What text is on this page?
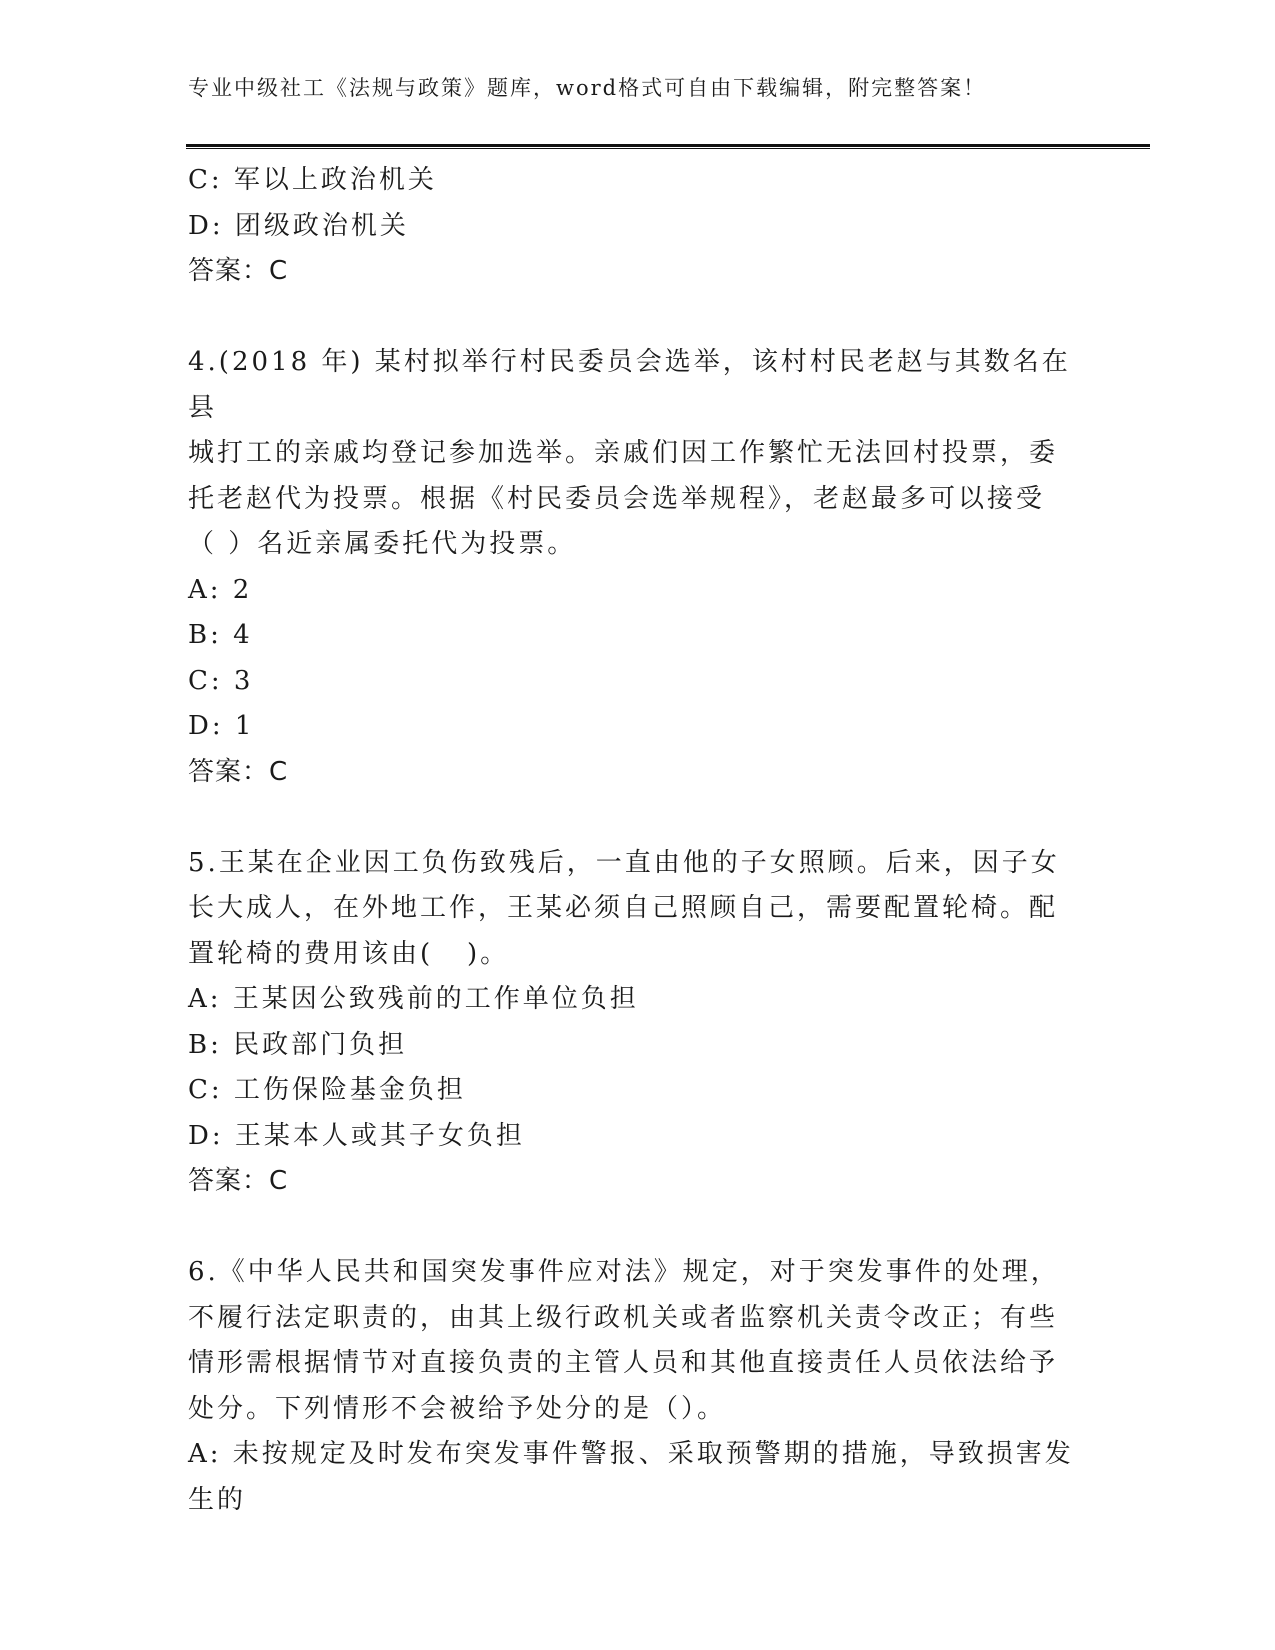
专业中级社工《法规与政策》题库，word格式可自由下载编辑，附完整答案！

C: 军以上政治机关

D: 团级政治机关

答案：C

4.(2018 年) 某村拟举行村民委员会选举，该村村民老赵与其数名在县

城打工的亲戚均登记参加选举。亲戚们因工作繁忙无法回村投票，委

托老赵代为投票。根据《村民委员会选举规程》，老赵最多可以接受

（ ）名近亲属委托代为投票。

A: 2

B: 4

C: 3

D: 1

答案：C

5.王某在企业因工负伤致残后，一直由他的子女照顾。后来，因子女

长大成人，在外地工作，王某必须自己照顾自己，需要配置轮椅。配

置轮椅的费用该由(   )。

A: 王某因公致残前的工作单位负担

B: 民政部门负担

C: 工伤保险基金负担

D: 王某本人或其子女负担

答案：C

6.《中华人民共和国突发事件应对法》规定，对于突发事件的处理，

不履行法定职责的，由其上级行政机关或者监察机关责令改正；有些

情形需根据情节对直接负责的主管人员和其他直接责任人员依法给予

处分。下列情形不会被给予处分的是（）。

A: 未按规定及时发布突发事件警报、采取预警期的措施，导致损害发

生的
